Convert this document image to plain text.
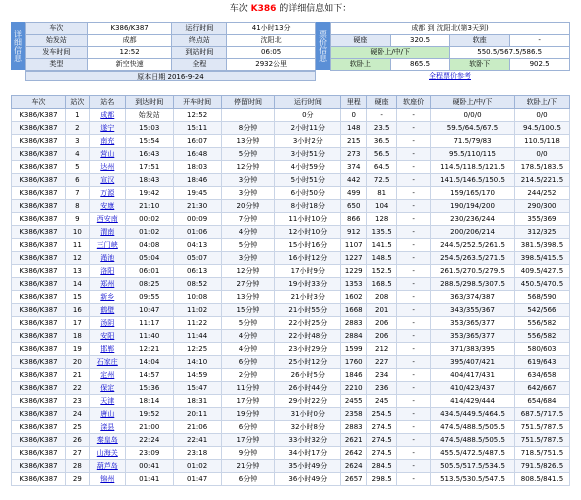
车次 K386 的详细信息如下：
详细信息
车次	K386/K387	运行时间	41小时13分
始发站	成都	终点站	沈阳北
发车时间	12:52	到站时间	06:05
类型	新空快速	全程	2932公里
原本日期 2016-9-24
票价信息
成都 到 沈阳北(第3天到)			
硬座	320.5	软座	-
硬卧上/中/下		550.5/567.5/586.5	
软卧上	865.5	软卧下	902.5
全程票价参考
车次	站次	站名	到达时间	开车时间	停留时间	运行时间	里程	硬座	软座价	硬卧上/中/下	软卧上/下
K386/K387	1	成都	始发站	12:52		0分	0	-	-	0/0/0	0/0
K386/K387	2	遂宁	15:03	15:11	8分钟	2小时11分	148	23.5	-	59.5/64.5/67.5	94.5/100.5
K386/K387	3	南充	15:54	16:07	13分钟	3小时2分	215	36.5	-	71.5/79/83	110.5/118
K386/K387	4	营山	16:43	16:48	5分钟	3小时51分	273	56.5	-	95.5/110/115	0/0
K386/K387	5	达州	17:51	18:03	12分钟	4小时59分	374	64.5	-	114.5/118.5/121.5	178.5/183.5
K386/K387	6	宣汉	18:43	18:46	3分钟	5小时51分	442	72.5	-	141.5/146.5/150.5	214.5/221.5
K386/K387	7	万源	19:42	19:45	3分钟	6小时50分	499	81	-	159/165/170	244/252
K386/K387	8	安康	21:10	21:30	20分钟	8小时18分	650	104	-	190/194/200	290/300
K386/K387	9	西安南	00:02	00:09	7分钟	11小时10分	866	128	-	230/236/244	355/369
K386/K387	10	渭南	01:02	01:06	4分钟	12小时10分	912	135.5	-	200/206/214	312/325
K386/K387	11	三门峡	04:08	04:13	5分钟	15小时16分	1107	141.5	-	244.5/252.5/261.5	381.5/398.5
K386/K387	12	渑池	05:04	05:07	3分钟	16小时12分	1227	148.5	-	254.5/263.5/271.5	398.5/415.5
K386/K387	13	洛阳	06:01	06:13	12分钟	17小时9分	1229	152.5	-	261.5/270.5/279.5	409.5/427.5
K386/K387	14	郑州	08:25	08:52	27分钟	19小时33分	1353	168.5	-	288.5/298.5/307.5	450.5/470.5
K386/K387	15	新乡	09:55	10:08	13分钟	21小时3分	1602	208	-	363/374/387	568/590
K386/K387	16	鹤壁	10:47	11:02	15分钟	21小时55分	1668	201	-	343/355/367	542/566
K386/K387	17	汤阴	11:17	11:22	5分钟	22小时25分	2883	206	-	353/365/377	556/582
K386/K387	18	安阳	11:40	11:44	4分钟	22小时48分	2884	206	-	353/365/377	556/582
K386/K387	19	邯郸	12:21	12:25	4分钟	23小时29分	1599	212	-	371/383/395	580/603
K386/K387	20	石家庄	14:04	14:10	6分钟	25小时12分	1760	227	-	395/407/421	619/643
K386/K387	21	定州	14:57	14:59	2分钟	26小时5分	1846	234	-	404/417/431	634/658
K386/K387	22	保定	15:36	15:47	11分钟	26小时44分	2210	236	-	410/423/437	642/667
K386/K387	23	天津	18:14	18:31	17分钟	29小时22分	2455	245	-	414/429/444	654/684
K386/K387	24	唐山	19:52	20:11	19分钟	31小时0分	2358	254.5	-	434.5/449.5/464.5	687.5/717.5
K386/K387	25	滦县	21:00	21:06	6分钟	32小时8分	2883	274.5	-	474.5/488.5/505.5	751.5/787.5
K386/K387	26	秦皇岛	22:24	22:41	17分钟	33小时32分	2621	274.5	-	474.5/488.5/505.5	751.5/787.5
K386/K387	27	山海关	23:09	23:18	9分钟	34小时17分	2642	274.5	-	455.5/472.5/487.5	718.5/751.5
K386/K387	28	葫芦岛	00:41	01:02	21分钟	35小时49分	2624	284.5	-	505.5/517.5/534.5	791.5/826.5
K386/K387	29	锦州	01:41	01:47	6分钟	36小时49分	2657	298.5	-	513.5/530.5/547.5	808.5/841.5
